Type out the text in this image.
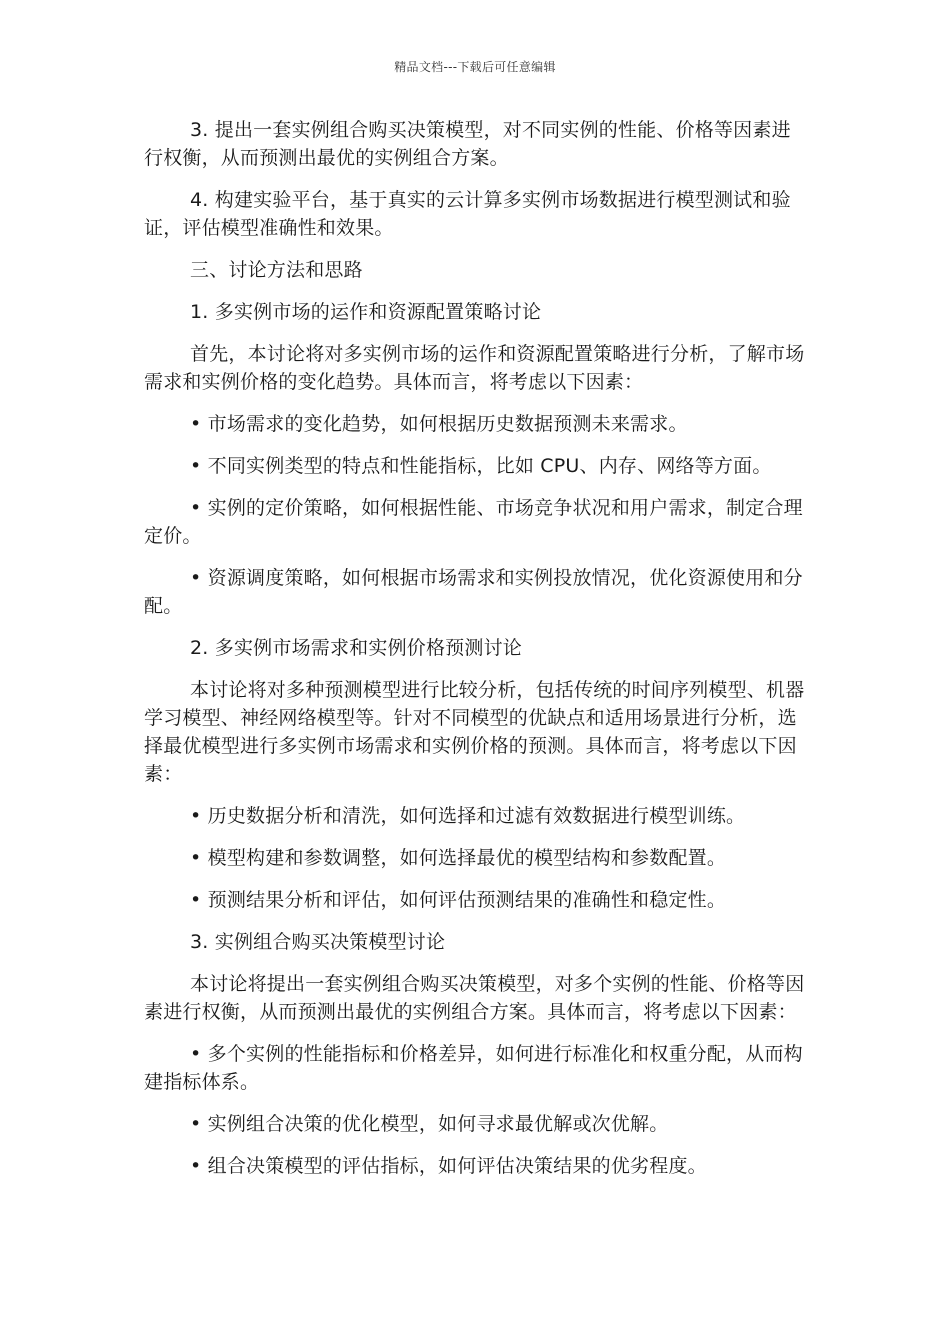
精品文档---下载后可任意编辑

3. 提出一套实例组合购买决策模型，对不同实例的性能、价格等因素进行权衡，从而预测出最优的实例组合方案。

4. 构建实验平台，基于真实的云计算多实例市场数据进行模型测试和验证，评估模型准确性和效果。

三、讨论方法和思路

1. 多实例市场的运作和资源配置策略讨论

首先，本讨论将对多实例市场的运作和资源配置策略进行分析，了解市场需求和实例价格的变化趋势。具体而言，将考虑以下因素：

• 市场需求的变化趋势，如何根据历史数据预测未来需求。

• 不同实例类型的特点和性能指标，比如 CPU、内存、网络等方面。

• 实例的定价策略，如何根据性能、市场竞争状况和用户需求，制定合理定价。

• 资源调度策略，如何根据市场需求和实例投放情况，优化资源使用和分配。

2. 多实例市场需求和实例价格预测讨论

本讨论将对多种预测模型进行比较分析，包括传统的时间序列模型、机器学习模型、神经网络模型等。针对不同模型的优缺点和适用场景进行分析，选择最优模型进行多实例市场需求和实例价格的预测。具体而言，将考虑以下因素：

• 历史数据分析和清洗，如何选择和过滤有效数据进行模型训练。

• 模型构建和参数调整，如何选择最优的模型结构和参数配置。

• 预测结果分析和评估，如何评估预测结果的准确性和稳定性。

3. 实例组合购买决策模型讨论

本讨论将提出一套实例组合购买决策模型，对多个实例的性能、价格等因素进行权衡，从而预测出最优的实例组合方案。具体而言，将考虑以下因素：

• 多个实例的性能指标和价格差异，如何进行标准化和权重分配，从而构建指标体系。

• 实例组合决策的优化模型，如何寻求最优解或次优解。

• 组合决策模型的评估指标，如何评估决策结果的优劣程度。
